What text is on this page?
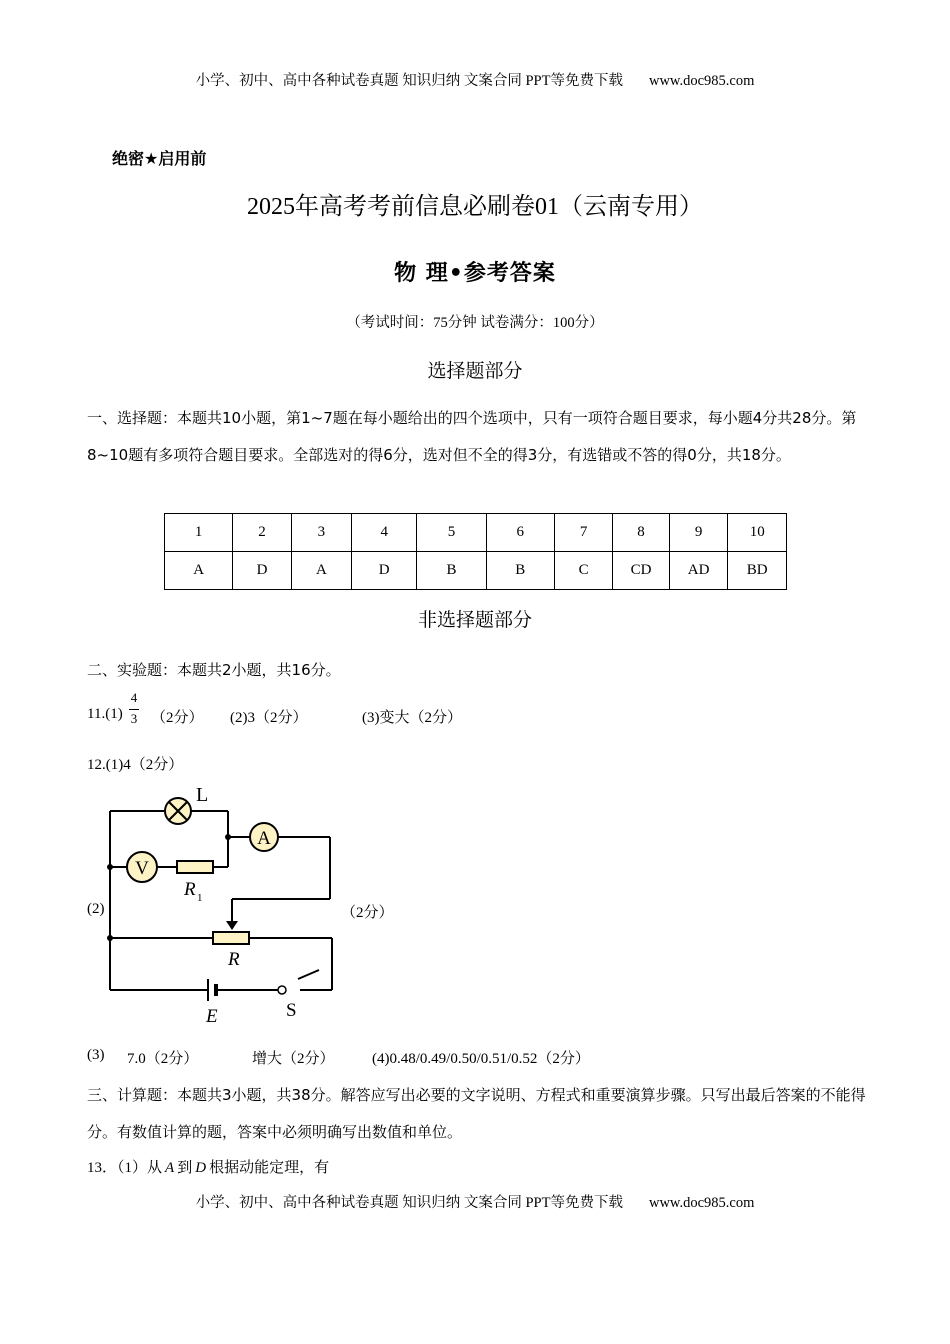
小学、初中、高中各种试卷真题 知识归纳 文案合同 PPT等免费下载 www.doc985.com
绝密★启用前
2025年高考考前信息必刷卷01（云南专用）
物 理•参考答案
（考试时间：75分钟 试卷满分：100分）
选择题部分
一、选择题：本题共10小题，第1~7题在每小题给出的四个选项中，只有一项符合题目要求，每小题4分共28分。第8~10题有多项符合题目要求。全部选对的得6分，选对但不全的得3分，有选错或不答的得0分，共18分。
1	2	3	4	5	6	7	8	9	10
A	D	A	D	B	B	C	CD	AD	BD
非选择题部分
二、实验题：本题共2小题，共16分。
11.(1)
4
3 （2分） (2)3（2分）	(3)变大（2分）
12.(1)4（2分）
(2)	（2分）
L
A
V
R 1
R
E	S
(3) 7.0（2分）	增大（2分） (4)0.48/0.49/0.50/0.51/0.52（2分）
三、计算题：本题共3小题，共38分。解答应写出必要的文字说明、方程式和重要演算步骤。只写出最后答案的不能得分。有数值计算的题，答案中必须明确写出数值和单位。
13．（1）从 A 到 D 根据动能定理，有
小学、初中、高中各种试卷真题 知识归纳 文案合同 PPT等免费下载 www.doc985.com
